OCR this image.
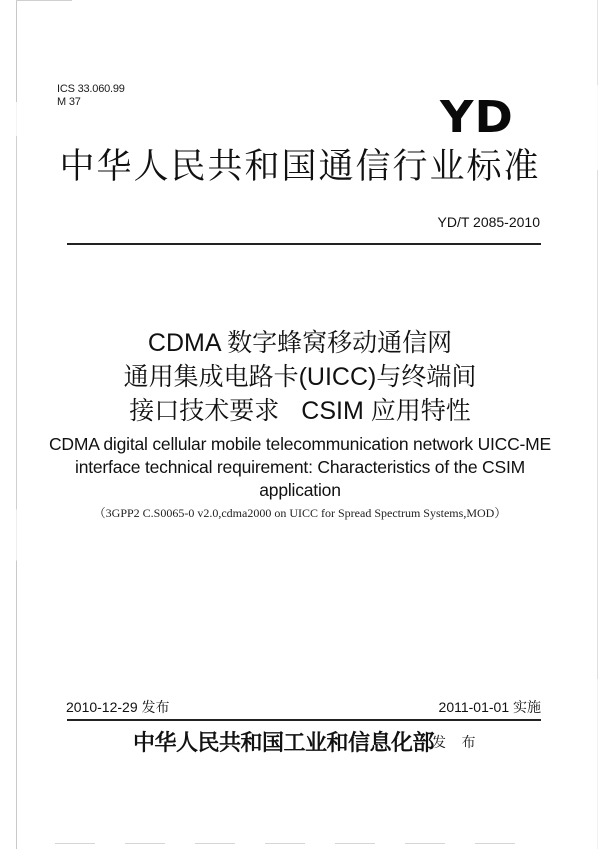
ICS 33.060.99
M 37	YD
中华人民共和国通信行业标准
YD/T 2085-2010
CDMA 数字蜂窝移动通信网
通用集成电路卡(UICC)与终端间
接口技术要求 CSIM 应用特性
CDMA digital cellular mobile telecommunication network UICC-ME
interface technical requirement: Characteristics of the CSIM
application
（3GPP2 C.S0065-0 v2.0,cdma2000 on UICC for Spread Spectrum Systems,MOD）
2010-12-29 发布	2011-01-01 实施
中华人民共和国工业和信息化部
发 布
